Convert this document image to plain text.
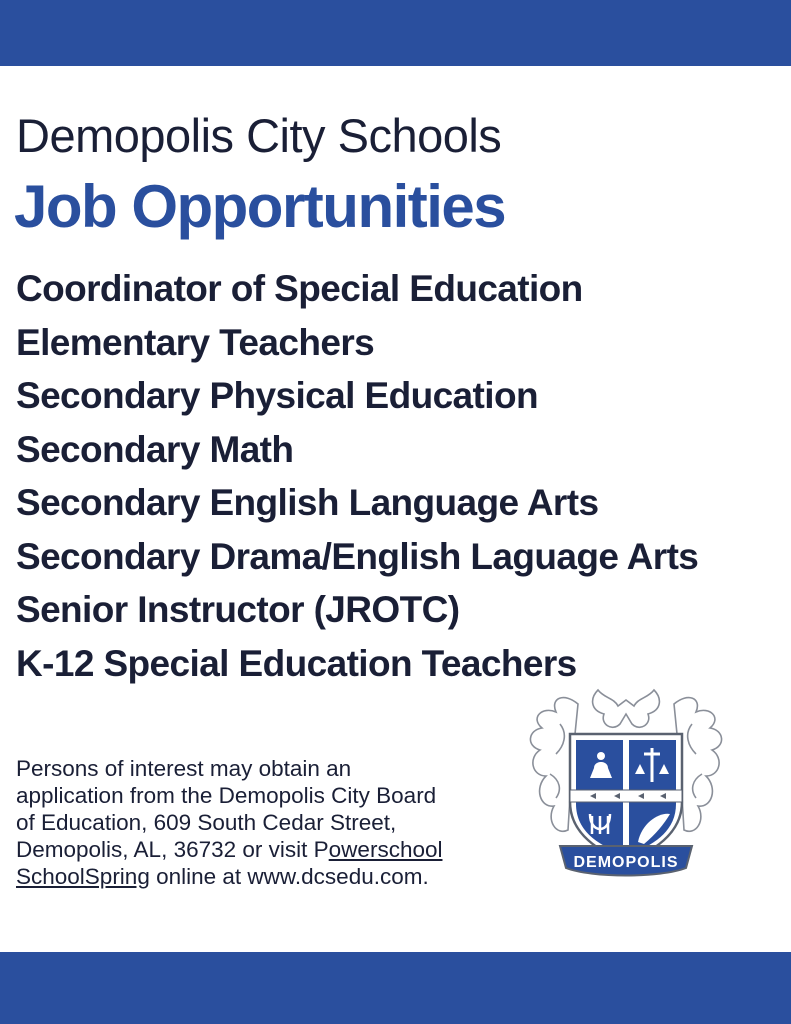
Demopolis City Schools
Job Opportunities
Coordinator of Special Education
Elementary Teachers
Secondary Physical Education
Secondary Math
Secondary English Language Arts
Secondary Drama/English Laguage Arts
Senior Instructor (JROTC)
K-12 Special Education Teachers

Persons of interest may obtain an application from the Demopolis City Board of Education, 609 South Cedar Street, Demopolis, AL, 36732 or visit Powerschool SchoolSpring online at www.dcsedu.com.

DEMOPOLIS
